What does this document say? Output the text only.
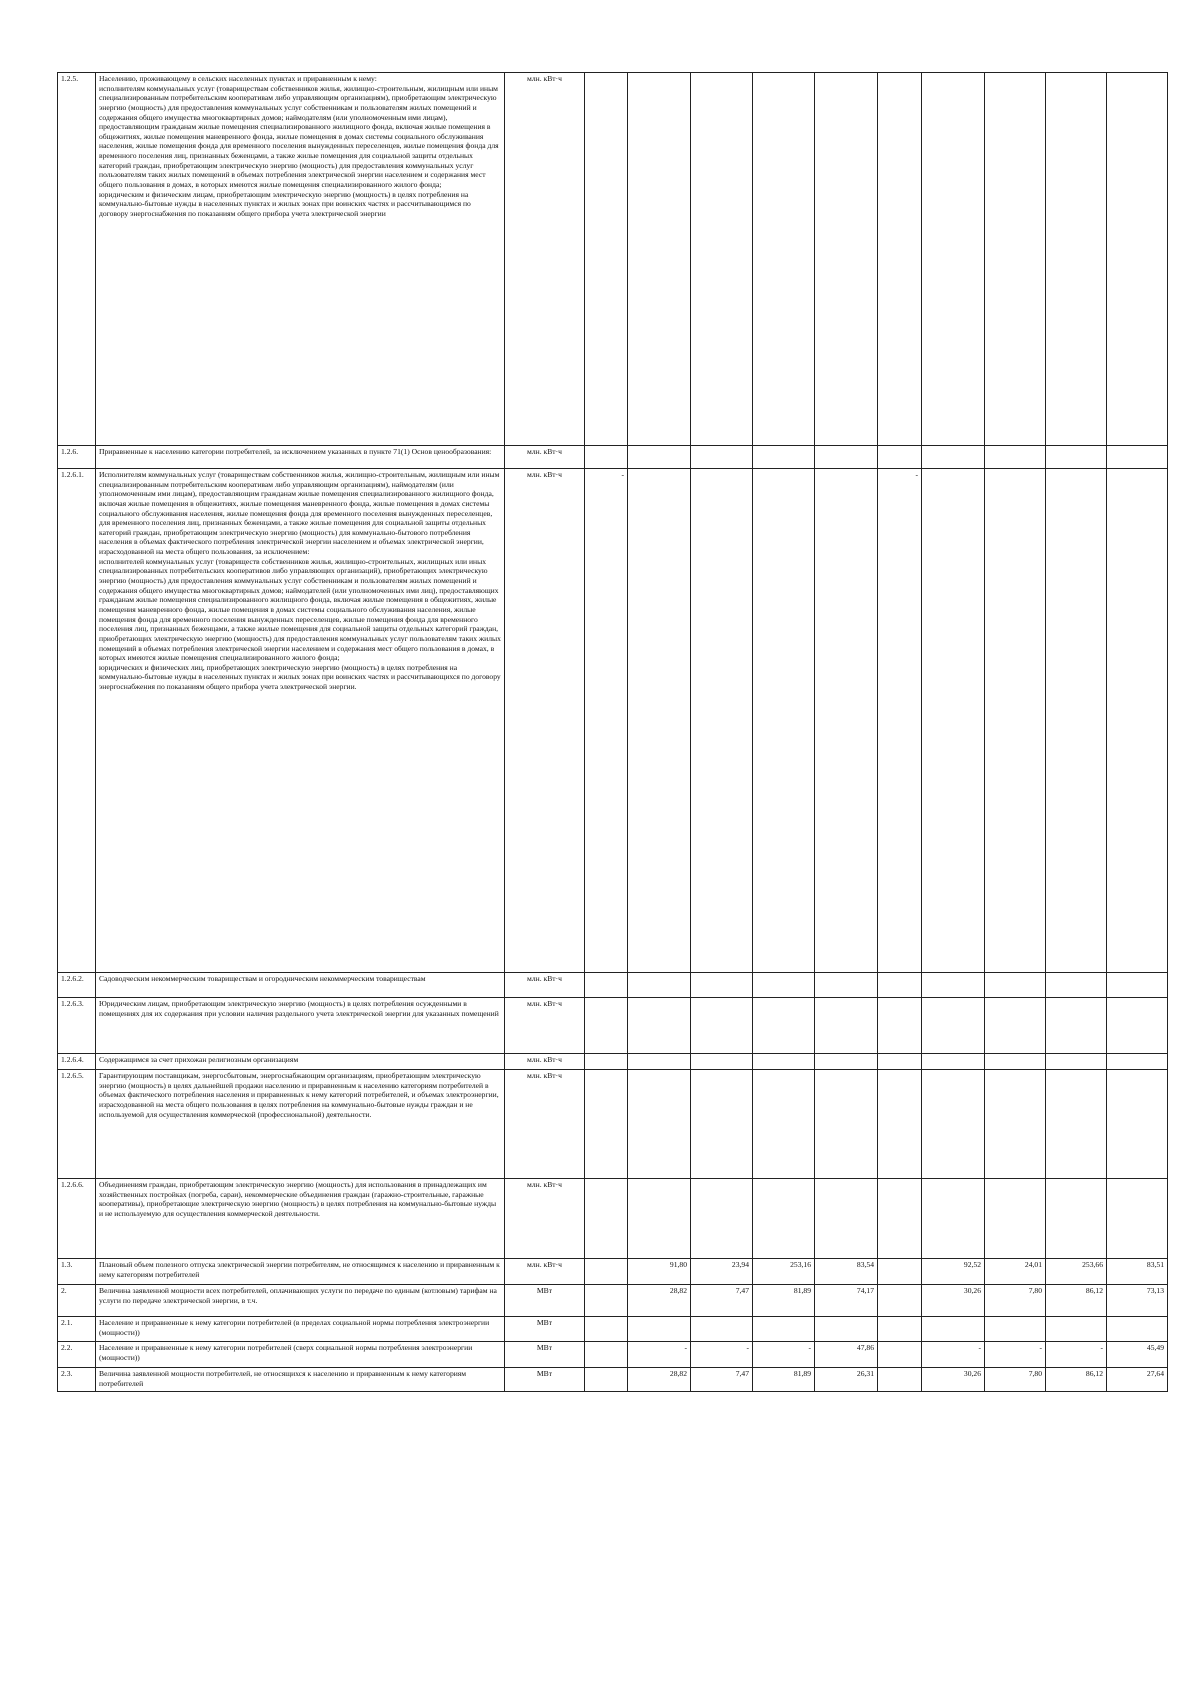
1.2.5.	Населению, проживающему в сельских населенных пунктах и приравненным к нему:
исполнителям коммунальных услуг (товариществам собственников жилья, жилищно-строительным, жилищным или иным специализированным потребительским кооперативам либо управляющим организациям), приобретающим электрическую энергию (мощность) для предоставления коммунальных услуг собственникам и пользователям жилых помещений и содержания общего имущества многоквартирных домов; наймодателям (или уполномоченным ими лицам), предоставляющим гражданам жилые помещения специализированного жилищного фонда, включая жилые помещения в общежитиях, жилые помещения маневренного фонда, жилые помещения в домах системы социального обслуживания населения, жилые помещения фонда для временного поселения вынужденных переселенцев, жилые помещения фонда для временного поселения лиц, признанных беженцами, а также жилые помещения для социальной защиты отдельных категорий граждан, приобретающим электрическую энергию (мощность) для предоставления коммунальных услуг пользователям таких жилых помещений в объемах потребления электрической энергии населением и содержания мест общего пользования в домах, в которых имеются жилые помещения специализированного жилого фонда;
юридическим и физическим лицам, приобретающим электрическую энергию (мощность) в целях потребления на коммунально-бытовые нужды в населенных пунктах и жилых зонах при воинских частях и рассчитывающимся по договору энергоснабжения по показаниям общего прибора учета электрической энергии	млн. кВт·ч										
1.2.6.	Приравненные к населению категории потребителей, за исключением указанных в пункте 71(1) Основ ценообразования:	млн. кВт·ч										
1.2.6.1.	Исполнителям коммунальных услуг (товариществам собственников жилья, жилищно-строительным, жилищным или иным специализированным потребительским кооперативам либо управляющим организациям), наймодателям (или уполномоченным ими лицам), предоставляющим гражданам жилые помещения специализированного жилищного фонда, включая жилые помещения в общежитиях, жилые помещения маневренного фонда, жилые помещения в домах системы социального обслуживания населения, жилые помещения фонда для временного поселения вынужденных переселенцев, для временного поселения лиц, признанных беженцами, а также жилые помещения для социальной защиты отдельных категорий граждан, приобретающим электрическую энергию (мощность) для коммунально-бытового потребления населения в объемах фактического потребления электрической энергии населением и объемах электрической энергии, израсходованной на места общего пользования, за исключением:
исполнителей коммунальных услуг (товариществ собственников жилья, жилищно-строительных, жилищных или иных специализированных потребительских кооперативов либо управляющих организаций), приобретающих электрическую энергию (мощность) для предоставления коммунальных услуг собственникам и пользователям жилых помещений и содержания общего имущества многоквартирных домов; наймодателей (или уполномоченных ими лиц), предоставляющих гражданам жилые помещения специализированного жилищного фонда, включая жилые помещения в общежитиях, жилые помещения маневренного фонда, жилые помещения в домах системы социального обслуживания населения, жилые помещения фонда для временного поселения вынужденных переселенцев, жилые помещения фонда для временного поселения лиц, признанных беженцами, а также жилые помещения для социальной защиты отдельных категорий граждан, приобретающих электрическую энергию (мощность) для предоставления коммунальных услуг пользователям таких жилых помещений в объемах потребления электрической энергии населением и содержания мест общего пользования в домах, в которых имеются жилые помещения специализированного жилого фонда;
юридических и физических лиц, приобретающих электрическую энергию (мощность) в целях потребления на коммунально-бытовые нужды в населенных пунктах и жилых зонах при воинских частях и рассчитывающихся по договору энергоснабжения по показаниям общего прибора учета электрической энергии.	млн. кВт·ч	-					-				
1.2.6.2.	Садоводческим некоммерческим товариществам и огородническим некоммерческим товариществам	млн. кВт·ч										
1.2.6.3.	Юридическим лицам, приобретающим электрическую энергию (мощность) в целях потребления осужденными в помещениях для их содержания при условии наличия раздельного учета электрической энергии для указанных помещений	млн. кВт·ч										
1.2.6.4.	Содержащимся за счет прихожан религиозным организациям	млн. кВт·ч										
1.2.6.5.	Гарантирующим поставщикам, энергосбытовым, энергоснабжающим организациям, приобретающим электрическую энергию (мощность) в целях дальнейшей продажи населению и приравненным к населению категориям потребителей в объемах фактического потребления населения и приравненных к нему категорий потребителей, и объемах электроэнергии, израсходованной на места общего пользования в целях потребления на коммунально-бытовые нужды граждан и не используемой для осуществления коммерческой (профессиональной) деятельности.	млн. кВт·ч										
1.2.6.6.	Объединениям граждан, приобретающим электрическую энергию (мощность) для использования в принадлежащих им хозяйственных постройках (погреба, сараи), некоммерческие объединения граждан (гаражно-строительные, гаражные кооперативы), приобретающие электрическую энергию (мощность) в целях потребления на коммунально-бытовые нужды и не используемую для осуществления коммерческой деятельности.	млн. кВт·ч										
1.3.	Плановый объем полезного отпуска электрической энергии потребителям, не относящимся к населению и приравненным к нему категориям потребителей	млн. кВт·ч		91,80	23,94	253,16	83,54		92,52	24,01	253,66	83,51
2.	Величина заявленной мощности всех потребителей, оплачивающих услуги по передаче по единым (котловым) тарифам на услуги по передаче электрической энергии, в т.ч.	МВт		28,82	7,47	81,89	74,17		30,26	7,80	86,12	73,13
2.1.	Население и приравненные к нему категории потребителей (в пределах социальной нормы потребления электроэнергии (мощности))	МВт										
2.2.	Население и приравненные к нему категории потребителей (сверх социальной нормы потребления электроэнергии (мощности))	МВт		-	-	-	47,86		-	-	-	45,49
2.3.	Величина заявленной мощности потребителей, не относящихся к населению и приравненным к нему категориям потребителей	МВт		28,82	7,47	81,89	26,31		30,26	7,80	86,12	27,64
